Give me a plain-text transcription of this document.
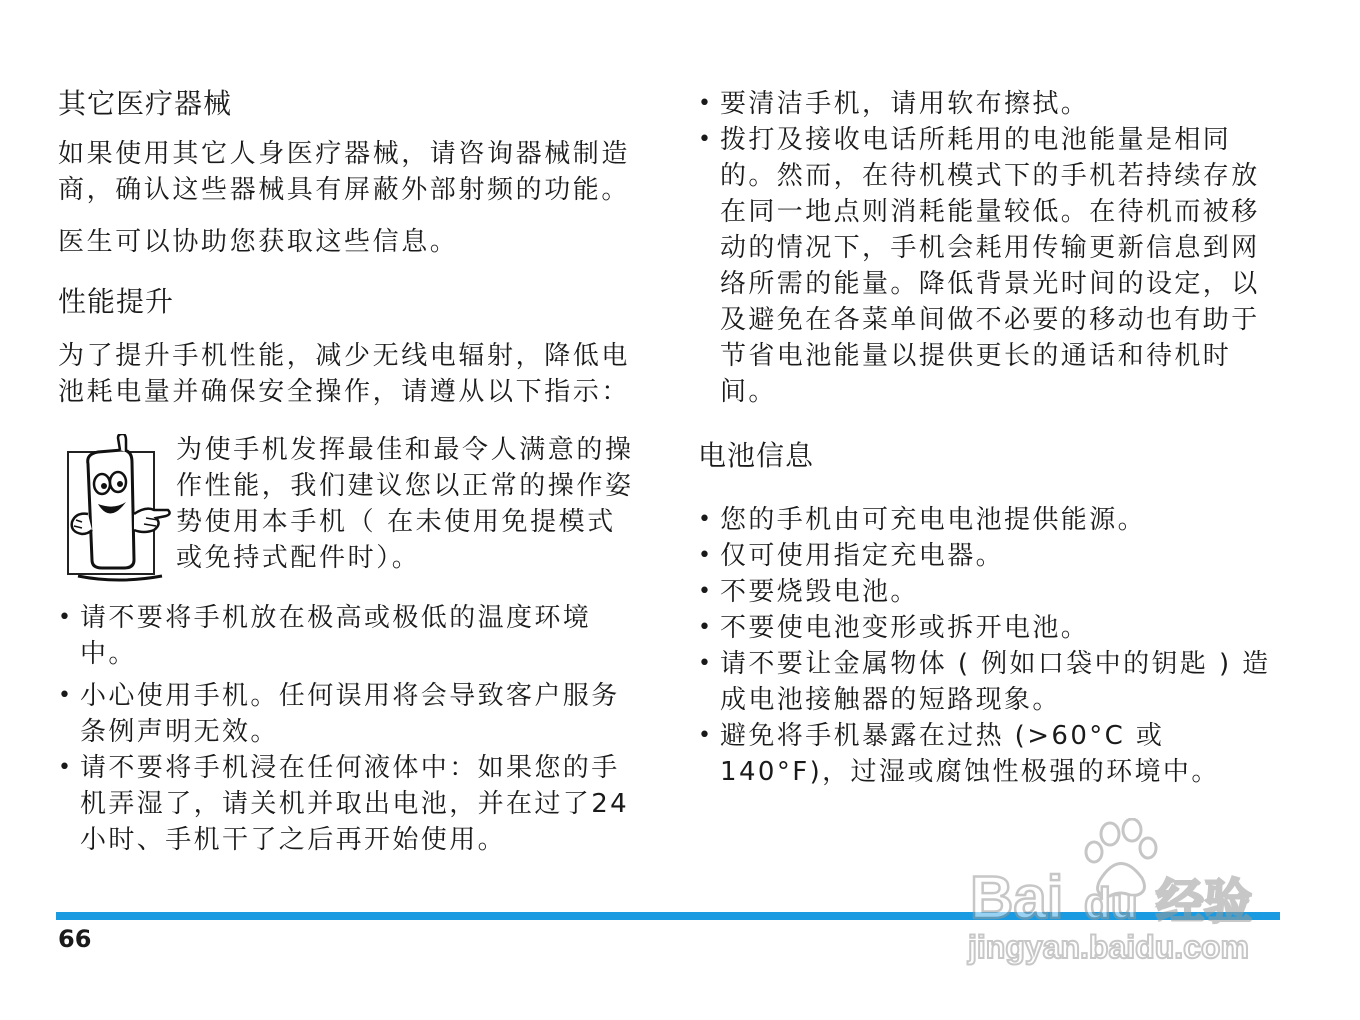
其它医疗器械

如果使用其它人身医疗器械，请咨询器械制造商，确认这些器械具有屏蔽外部射频的功能。

医生可以协助您获取这些信息。

性能提升

为了提升手机性能，减少无线电辐射，降低电池耗电量并确保安全操作，请遵从以下指示：

为使手机发挥最佳和最令人满意的操作性能，我们建议您以正常的操作姿势使用本手机（ 在未使用免提模式或免持式配件时）。
• 请不要将手机放在极高或极低的温度环境中。
• 小心使用手机。任何误用将会导致客户服务条例声明无效。
• 请不要将手机浸在任何液体中：如果您的手机弄湿了，请关机并取出电池，并在过了24 小时、手机干了之后再开始使用。
• 要清洁手机，请用软布擦拭。
• 拨打及接收电话所耗用的电池能量是相同的。然而，在待机模式下的手机若持续存放在同一地点则消耗能量较低。在待机而被移动的情况下，手机会耗用传输更新信息到网络所需的能量。降低背景光时间的设定，以及避免在各菜单间做不必要的移动也有助于节省电池能量以提供更长的通话和待机时间。
电池信息
• 您的手机由可充电电池提供能源。
• 仅可使用指定充电器。
• 不要烧毁电池。
• 不要使电池变形或拆开电池。
• 请不要让金属物体 ( 例如口袋中的钥匙 ) 造成电池接触器的短路现象。
• 避免将手机暴露在过热 (>60°C 或 140°F)，过湿或腐蚀性极强的环境中。
66
Bai du 经验
jingyan.baidu.com
